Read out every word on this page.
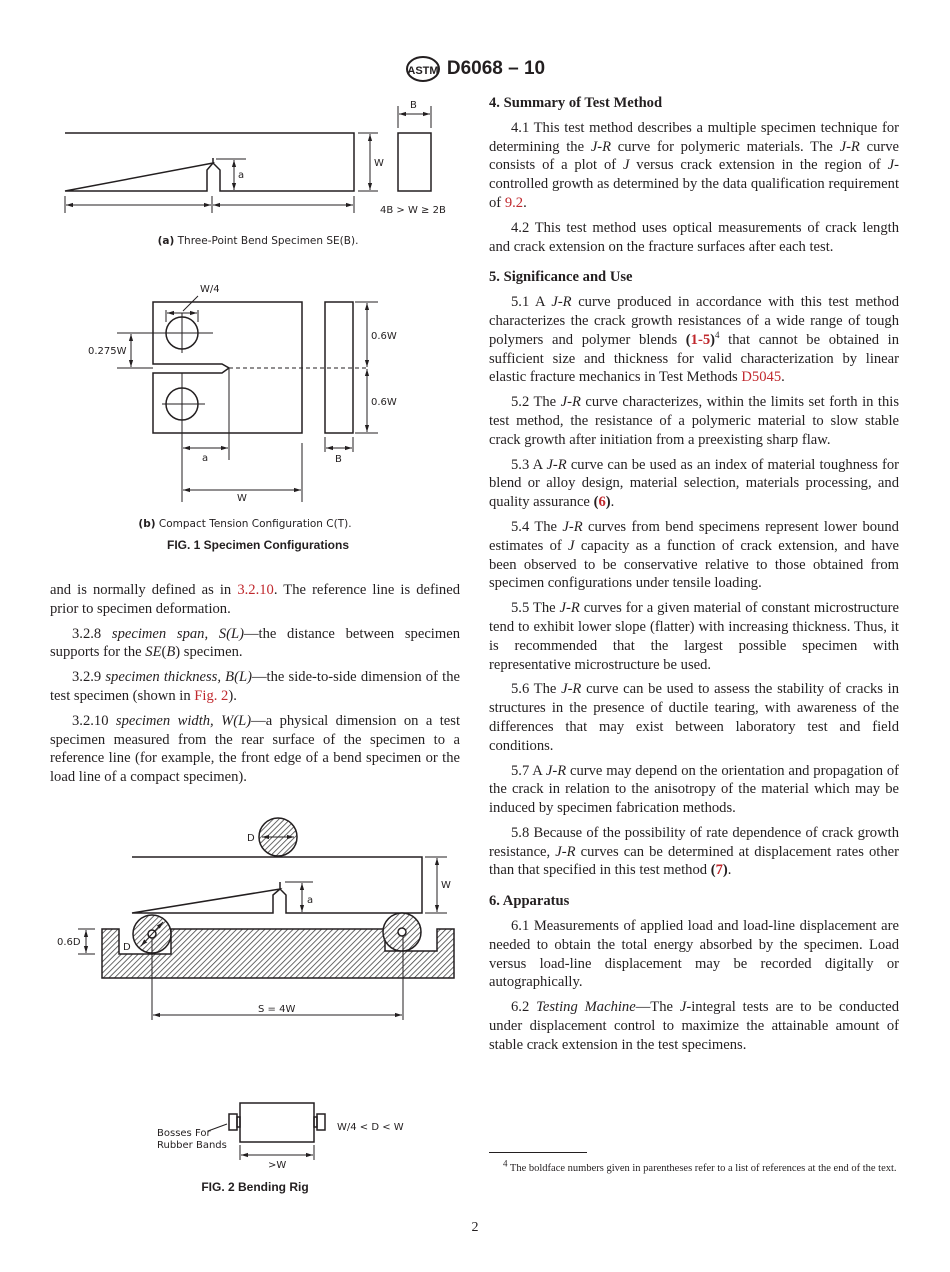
ASTM D6068 – 10
a
W
B
4B > W ≥ 2B
(a) Three-Point Bend Specimen SE(B).
W/4
0.275W
0.6W
0.6W
B
a
W
(b) Compact Tension Configuration C(T).
FIG. 1 Specimen Configurations
D
W
a
0.6D	D
S = 4W
Bosses For
Rubber Bands
W/4 < D < W
>W
FIG. 2 Bending Rig

and is normally defined as in 3.2.10. The reference line is defined prior to specimen deformation.

3.2.8 specimen span, S(L)—the distance between specimen supports for the SE(B) specimen.

3.2.9 specimen thickness, B(L)—the side-to-side dimension of the test specimen (shown in Fig. 2).

3.2.10 specimen width, W(L)—a physical dimension on a test specimen measured from the rear surface of the specimen to a reference line (for example, the front edge of a bend specimen or the load line of a compact specimen).

4. Summary of Test Method

4.1 This test method describes a multiple specimen technique for determining the J-R curve for polymeric materials. The J-R curve consists of a plot of J versus crack extension in the region of J-controlled growth as determined by the data qualification requirement of 9.2.

4.2 This test method uses optical measurements of crack length and crack extension on the fracture surfaces after each test.

5. Significance and Use

5.1 A J-R curve produced in accordance with this test method characterizes the crack growth resistances of a wide range of tough polymers and polymer blends $(1-5)^4$ that cannot be obtained in sufficient size and thickness for valid characterization by linear elastic fracture mechanics in Test Methods D5045.

5.2 The J-R curve characterizes, within the limits set forth in this test method, the resistance of a polymeric material to slow stable crack growth after initiation from a preexisting sharp flaw.

5.3 A J-R curve can be used as an index of material toughness for blend or alloy design, material selection, materials processing, and quality assurance (6).

5.4 The J-R curves from bend specimens represent lower bound estimates of J capacity as a function of crack extension, and have been observed to be conservative relative to those obtained from specimen configurations under tensile loading.

5.5 The J-R curves for a given material of constant microstructure tend to exhibit lower slope (flatter) with increasing thickness. Thus, it is recommended that the largest possible specimen with representative microstructure be used.

5.6 The J-R curve can be used to assess the stability of cracks in structures in the presence of ductile tearing, with awareness of the differences that may exist between laboratory test and field conditions.

5.7 A J-R curve may depend on the orientation and propagation of the crack in relation to the anisotropy of the material which may be induced by specimen fabrication methods.

5.8 Because of the possibility of rate dependence of crack growth resistance, J-R curves can be determined at displacement rates other than that specified in this test method (7).

6. Apparatus

6.1 Measurements of applied load and load-line displacement are needed to obtain the total energy absorbed by the specimen. Load versus load-line displacement may be recorded digitally or autographically.

6.2 Testing Machine—The J-integral tests are to be conducted under displacement control to maximize the attainable amount of stable crack extension in the test specimens.

$^4$ The boldface numbers given in parentheses refer to a list of references at the end of the text.
2
